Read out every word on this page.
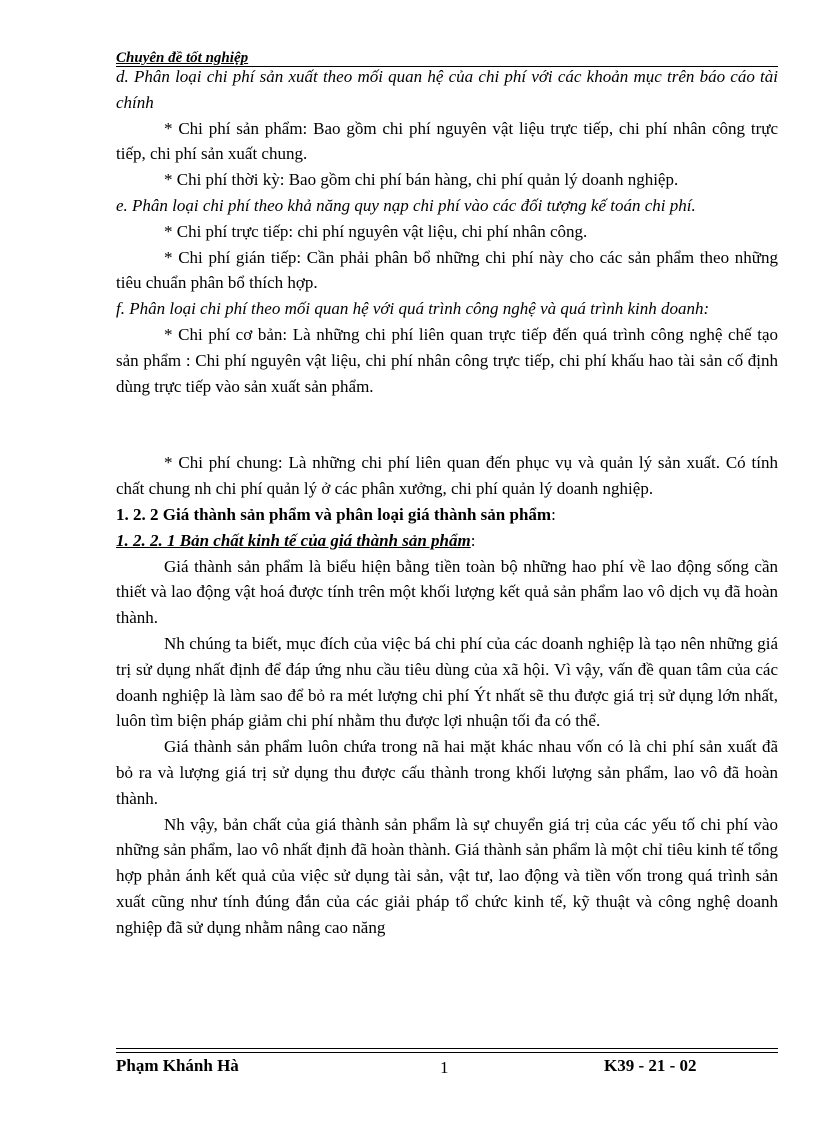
Chuyên đề tốt nghiệp

d. Phân loại chi phí sản xuất theo mối quan hệ của chi phí với các khoản mục trên báo cáo tài chính

* Chi phí sản phẩm: Bao gồm chi phí nguyên vật liệu trực tiếp, chi phí nhân công trực tiếp, chi phí sản xuất chung.

* Chi phí thời kỳ: Bao gồm chi phí bán hàng, chi phí quản lý doanh nghiệp.

e. Phân loại chi phí theo khả năng quy nạp chi phí vào các đối tượng kế toán chi phí.

* Chi phí trực tiếp: chi phí nguyên vật liệu, chi phí nhân công.

* Chi phí gián tiếp: Cần phải phân bổ những chi phí này cho các sản phẩm theo những tiêu chuẩn phân bổ thích hợp.

f. Phân loại chi phí theo mối quan hệ với quá trình công nghệ và quá trình kinh doanh:

* Chi phí cơ bản: Là những chi phí liên quan trực tiếp đến quá trình công nghệ chế tạo sản phẩm : Chi phí nguyên vật liệu, chi phí nhân công trực tiếp, chi phí khấu hao tài sản cố định dùng trực tiếp vào sản xuất sản phẩm.

* Chi phí chung: Là những chi phí liên quan đến phục vụ và quản lý sản xuất. Có tính chất chung nh chi phí quản lý ở các phân xưởng, chi phí quản lý doanh nghiệp.

1. 2. 2 Giá thành sản phẩm và phân loại giá thành sản phẩm:

1. 2. 2. 1 Bản chất kinh tế của giá thành sản phẩm:

Giá thành sản phẩm là biểu hiện bằng tiền toàn bộ những hao phí về lao động sống cần thiết và lao động vật hoá được tính trên một khối lượng kết quả sản phẩm lao vô dịch vụ đã hoàn thành.

Nh chúng ta biết, mục đích của việc bá chi phí của các doanh nghiệp là tạo nên những giá trị sử dụng nhất định để đáp ứng nhu cầu tiêu dùng của xã hội. Vì vậy, vấn đề quan tâm của các doanh nghiệp là làm sao để bỏ ra mét lượng chi phí Ýt nhất sẽ thu được giá trị sử dụng lớn nhất, luôn tìm biện pháp giảm chi phí nhằm thu được lợi nhuận tối đa có thể.

Giá thành sản phẩm luôn chứa trong nã hai mặt khác nhau vốn có là chi phí sản xuất đã bỏ ra và lượng giá trị sử dụng thu được cấu thành trong khối lượng sản phẩm, lao vô đã hoàn thành.

Nh vậy, bản chất của giá thành sản phẩm là sự chuyển giá trị của các yếu tố chi phí vào những sản phẩm, lao vô nhất định đã hoàn thành. Giá thành sản phẩm là một chỉ tiêu kinh tế tổng hợp phản ánh kết quả của việc sử dụng tài sản, vật tư, lao động và tiền vốn trong quá trình sản xuất cũng như tính đúng đắn của các giải pháp tổ chức kinh tế, kỹ thuật và công nghệ doanh nghiệp đã sử dụng nhằm nâng cao năng

Phạm Khánh Hà	1	K39 - 21 - 02
